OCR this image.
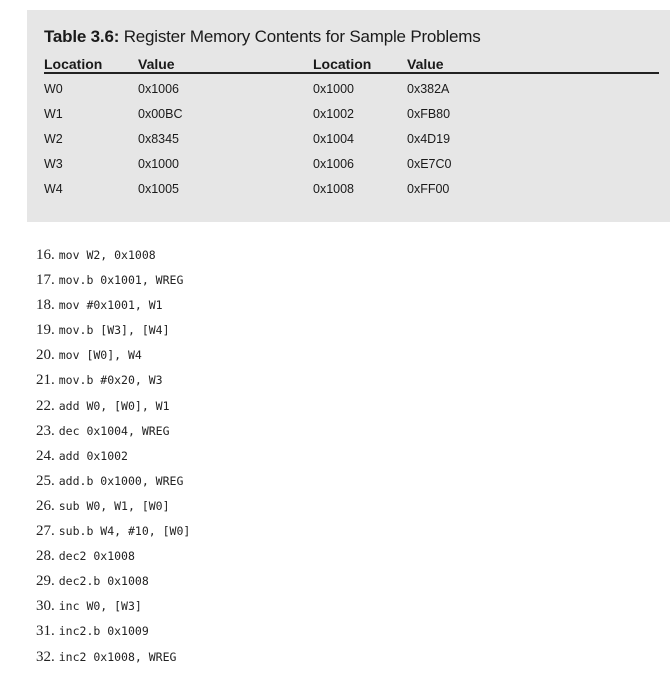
Table 3.6: Register Memory Contents for Sample Problems
Location	Value	Location	Value
W0	0x1006	0x1000	0x382A
W1	0x00BC	0x1002	0xFB80
W2	0x8345	0x1004	0x4D19
W3	0x1000	0x1006	0xE7C0
W4	0x1005	0x1008	0xFF00
16. mov W2, 0x1008
17. mov.b 0x1001, WREG
18. mov #0x1001, W1
19. mov.b [W3], [W4]
20. mov [W0], W4
21. mov.b #0x20, W3
22. add W0, [W0], W1
23. dec 0x1004, WREG
24. add 0x1002
25. add.b 0x1000, WREG
26. sub W0, W1, [W0]
27. sub.b W4, #10, [W0]
28. dec2 0x1008
29. dec2.b 0x1008
30. inc W0, [W3]
31. inc2.b 0x1009
32. inc2 0x1008, WREG
